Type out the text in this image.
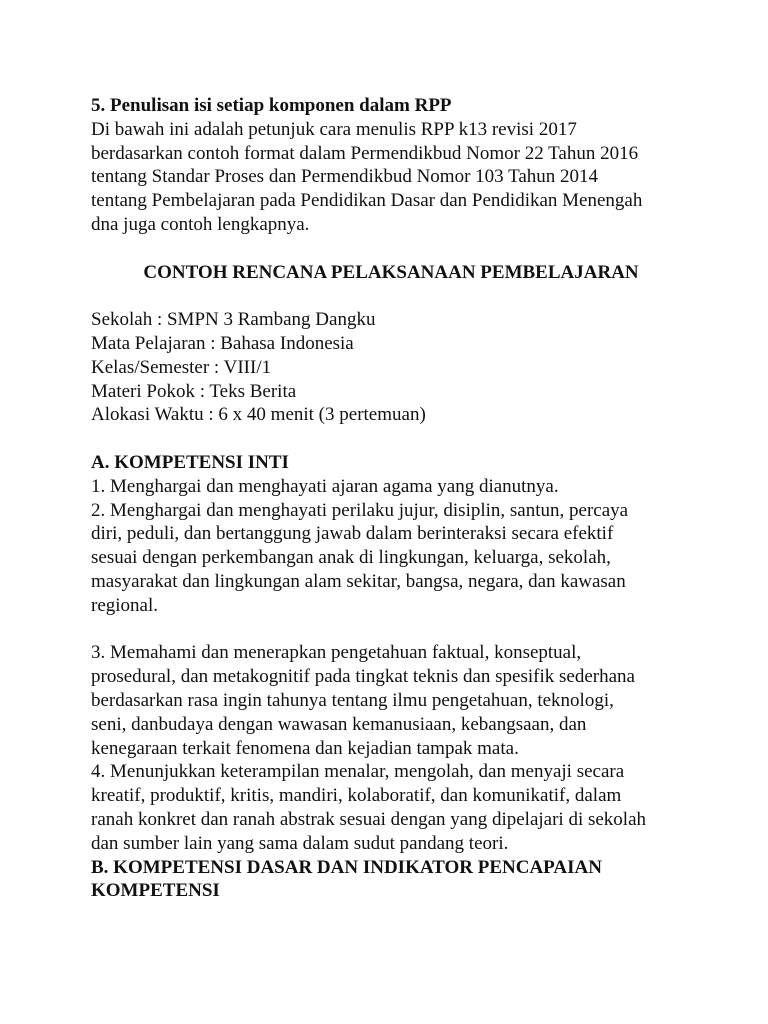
5. Penulisan isi setiap komponen dalam RPP
Di bawah ini adalah petunjuk cara menulis RPP k13 revisi 2017
berdasarkan contoh format dalam Permendikbud Nomor 22 Tahun 2016
tentang Standar Proses dan Permendikbud Nomor 103 Tahun 2014
tentang Pembelajaran pada Pendidikan Dasar dan Pendidikan Menengah
dna juga contoh lengkapnya.
CONTOH RENCANA PELAKSANAAN PEMBELAJARAN
Sekolah : SMPN 3 Rambang Dangku
Mata Pelajaran : Bahasa Indonesia
Kelas/Semester : VIII/1
Materi Pokok : Teks Berita
Alokasi Waktu : 6 x 40 menit (3 pertemuan)
A. KOMPETENSI INTI
1. Menghargai dan menghayati ajaran agama yang dianutnya.
2. Menghargai dan menghayati perilaku jujur, disiplin, santun, percaya
diri, peduli, dan bertanggung jawab dalam berinteraksi secara efektif
sesuai dengan perkembangan anak di lingkungan, keluarga, sekolah,
masyarakat dan lingkungan alam sekitar, bangsa, negara, dan kawasan
regional.
3. Memahami dan menerapkan pengetahuan faktual, konseptual,
prosedural, dan metakognitif pada tingkat teknis dan spesifik sederhana
berdasarkan rasa ingin tahunya tentang ilmu pengetahuan, teknologi,
seni, danbudaya dengan wawasan kemanusiaan, kebangsaan, dan
kenegaraan terkait fenomena dan kejadian tampak mata.
4. Menunjukkan keterampilan menalar, mengolah, dan menyaji secara
kreatif, produktif, kritis, mandiri, kolaboratif, dan komunikatif, dalam
ranah konkret dan ranah abstrak sesuai dengan yang dipelajari di sekolah
dan sumber lain yang sama dalam sudut pandang teori.
B. KOMPETENSI DASAR DAN INDIKATOR PENCAPAIAN
KOMPETENSI
